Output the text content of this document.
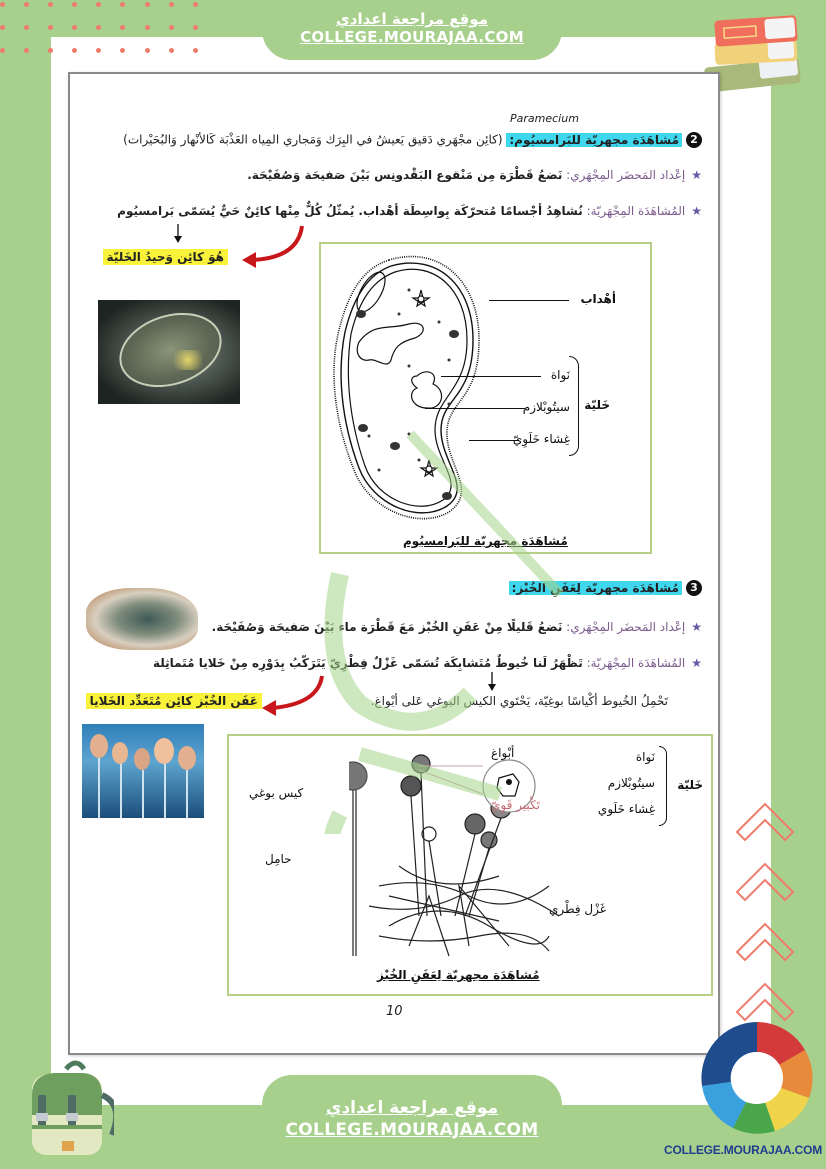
موقع مراجعة اعدادي
COLLEGE.MOURAJAA.COM
Paramecium
2مُشاهَدَة مجهريّة للبَرامسيُوم: (كائِن مجْهَري دَقيق يَعيشُ في البِرَك وَمَجاري المِياه العَذْبَة كَالأنْهار وَالبُحَيْرات)
★إعْداد المَحضَر المِجْهَري: نَضعُ قَطْرَة مِن مَنْقوع البَقْدونِس بَيْنَ صَفيحَة وَصُفَيْحَة.
★المُشاهَدَة المِجْهَريّة: نُشاهِدُ أجْسامًا مُتحرّكَة بِواسِطَة أهْداب. يُمثّلُ كُلٌّ مِنْها كائِنٌ حَيٌّ يُسَمّى بَرامسيُوم
هُوَ كائِن وَحيدُ الخَليّة
أهْداب
نَواة
سيتُوبْلازم
غِشاء خَلَوِيّ
خَليّة
مُشاهَدَة مجهريّة للبَرامسيُوم
3مُشاهَدَة مجهريّة لِعَفَنِ الخُبْز:
★إعْداد المَحضَر المِجْهَري: نَضعُ قَليلًا مِنْ عَفَنِ الخُبْز مَعَ قَطْرَة ماء بَيْنَ صَفيحَة وَصُفَيْحَة.
★المُشاهَدَة المِجْهَريّة: تَظْهَرُ لَنا خُيوطٌ مُتَشابِكَة تُسَمّى غَزْلٌ فِطْرِيّ يَتَرَكّبُ بِدَوْرِه مِنْ خَلايا مُتَماثِلة
تَحْمِلُ الخُيوط أكْياسًا بوغِيّة، يَحْتَوي الكيس البوغي عَلى أبْواغ.
عَفَن الخُبْز كائِن مُتَعَدِّد الخَلايا
أبْواغ
كيس بوغي
حامِل
غَزْل فِطْري
تَكْبير قَوِيّ
نَواة
سيتُوبْلازم
غِشاء خَلَوي
خَليّة
مُشاهَدَة مجهريّة لِعَفَنِ الخُبْز
10
موقع مراجعة اعدادي
COLLEGE.MOURAJAA.COM
COLLEGE.MOURAJAA.COM
